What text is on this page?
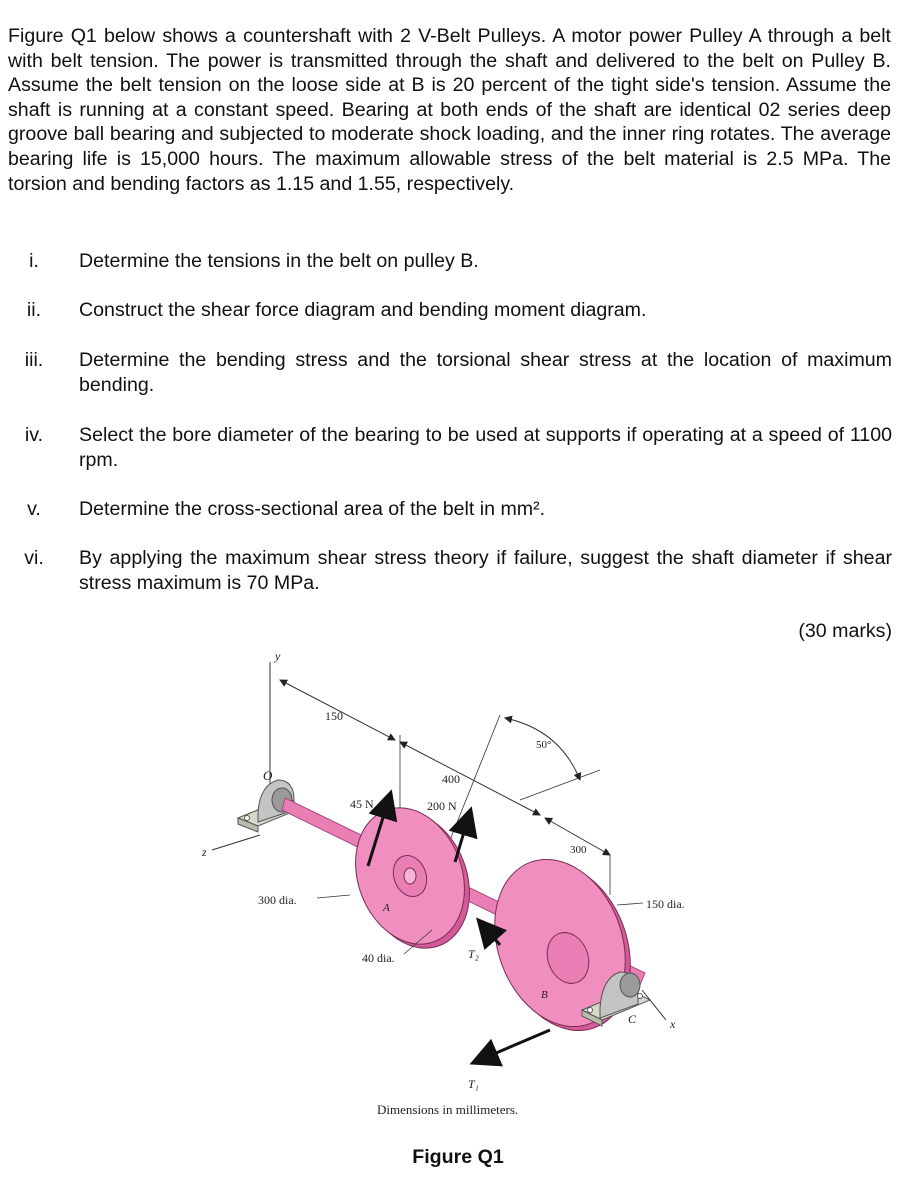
Figure Q1 below shows a countershaft with 2 V-Belt Pulleys. A motor power Pulley A through a belt with belt tension. The power is transmitted through the shaft and delivered to the belt on Pulley B. Assume the belt tension on the loose side at B is 20 percent of the tight side's tension. Assume the shaft is running at a constant speed. Bearing at both ends of the shaft are identical 02 series deep groove ball bearing and subjected to moderate shock loading, and the inner ring rotates. The average bearing life is 15,000 hours. The maximum allowable stress of the belt material is 2.5 MPa. The torsion and bending factors as 1.15 and 1.55, respectively.

i.	Determine the tensions in the belt on pulley B.

ii.	Construct the shear force diagram and bending moment diagram.

iii. Determine the bending stress and the torsional shear stress at the location of maximum bending.

iv. Select the bore diameter of the bearing to be used at supports if operating at a speed of 1100 rpm.

v.	Determine the cross-sectional area of the belt in mm².

vi. By applying the maximum shear stress theory if failure, suggest the shaft diameter if shear stress maximum is 70 MPa.

(30 marks)
y
O
z
150
400
300
50°
A
B
C	x
45 N	200 N
T₂
T₁
300 dia.
40 dia.
150 dia.
Dimensions in millimeters.
Figure Q1
